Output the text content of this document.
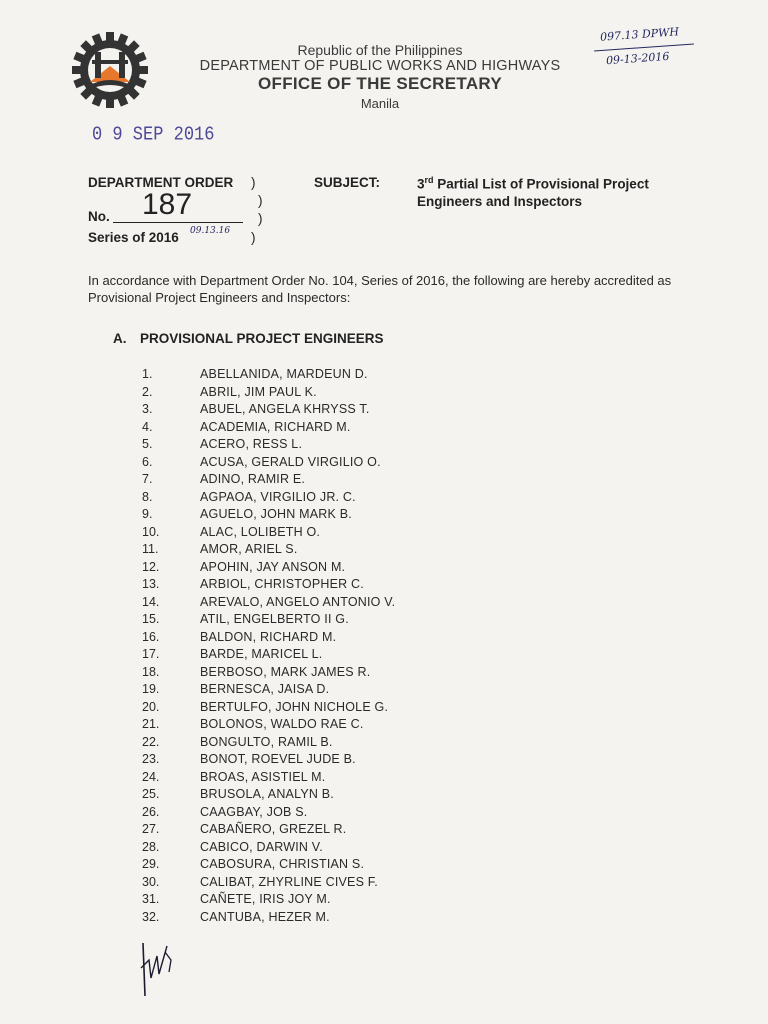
Republic of the Philippines
DEPARTMENT OF PUBLIC WORKS AND HIGHWAYS
OFFICE OF THE SECRETARY
Manila
097.13 DPWH
09-13-2016
0 9 SEP 2016
DEPARTMENT ORDER )
187
No.
)
)
Series of 2016 09.13.16 )
SUBJECT:	3rd Partial List of Provisional Project Engineers and Inspectors
In accordance with Department Order No. 104, Series of 2016, the following are hereby accredited as Provisional Project Engineers and Inspectors:
A. PROVISIONAL PROJECT ENGINEERS
1.	ABELLANIDA, MARDEUN D.
2.	ABRIL, JIM PAUL K.
3.	ABUEL, ANGELA KHRYSS T.
4.	ACADEMIA, RICHARD M.
5.	ACERO, RESS L.
6.	ACUSA, GERALD VIRGILIO O.
7.	ADINO, RAMIR E.
8.	AGPAOA, VIRGILIO JR. C.
9.	AGUELO, JOHN MARK B.
10.	ALAC, LOLIBETH O.
11.	AMOR, ARIEL S.
12.	APOHIN, JAY ANSON M.
13.	ARBIOL, CHRISTOPHER C.
14.	AREVALO, ANGELO ANTONIO V.
15.	ATIL, ENGELBERTO II G.
16.	BALDON, RICHARD M.
17.	BARDE, MARICEL L.
18.	BERBOSO, MARK JAMES R.
19.	BERNESCA, JAISA D.
20.	BERTULFO, JOHN NICHOLE G.
21.	BOLONOS, WALDO RAE C.
22.	BONGULTO, RAMIL B.
23.	BONOT, ROEVEL JUDE B.
24.	BROAS, ASISTIEL M.
25.	BRUSOLA, ANALYN B.
26.	CAAGBAY, JOB S.
27.	CABAÑERO, GREZEL R.
28.	CABICO, DARWIN V.
29.	CABOSURA, CHRISTIAN S.
30.	CALIBAT, ZHYRLINE CIVES F.
31.	CAÑETE, IRIS JOY M.
32.	CANTUBA, HEZER M.
